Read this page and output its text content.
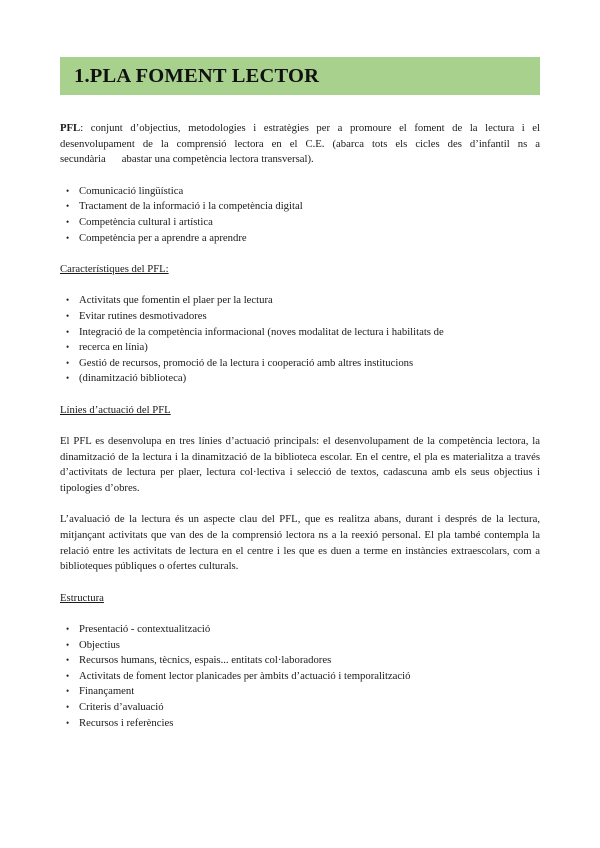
1.PLA FOMENT LECTOR

PFL: conjunt d’objectius, metodologies i estratègies per a promoure el foment de la lectura i el desenvolupament de la comprensió lectora en el C.E. (abarca tots els cicles des d’infantil ns a secundària abastar una competència lectora transversal).

• Comunicació lingüística
• Tractament de la informació i la competència digital
• Competència cultural i artística
• Competència per a aprendre a aprendre

Característiques del PFL:

• Activitats que fomentin el plaer per la lectura
• Evitar rutines desmotivadores
• Integració de la competència informacional (noves modalitat de lectura i habilitats de
• recerca en línia)
• Gestió de recursos, promoció de la lectura i cooperació amb altres institucions
• (dinamització biblioteca)

Línies d’actuació del PFL

El PFL es desenvolupa en tres línies d’actuació principals: el desenvolupament de la competència lectora, la dinamització de la lectura i la dinamització de la biblioteca escolar. En el centre, el pla es materialitza a través d’activitats de lectura per plaer, lectura col·lectiva i selecció de textos, cadascuna amb els seus objectius i tipologies d’obres.

L’avaluació de la lectura és un aspecte clau del PFL, que es realitza abans, durant i després de la lectura, mitjançant activitats que van des de la comprensió lectora ns a la reexió personal. El pla també contempla la relació entre les activitats de lectura en el centre i les que es duen a terme en instàncies extraescolars, com a biblioteques públiques o ofertes culturals.

Estructura

• Presentació - contextualització
• Objectius
• Recursos humans, tècnics, espais... entitats col·laboradores
• Activitats de foment lector planicades per àmbits d’actuació i temporalització
• Finançament
• Criteris d’avaluació
• Recursos i referències
